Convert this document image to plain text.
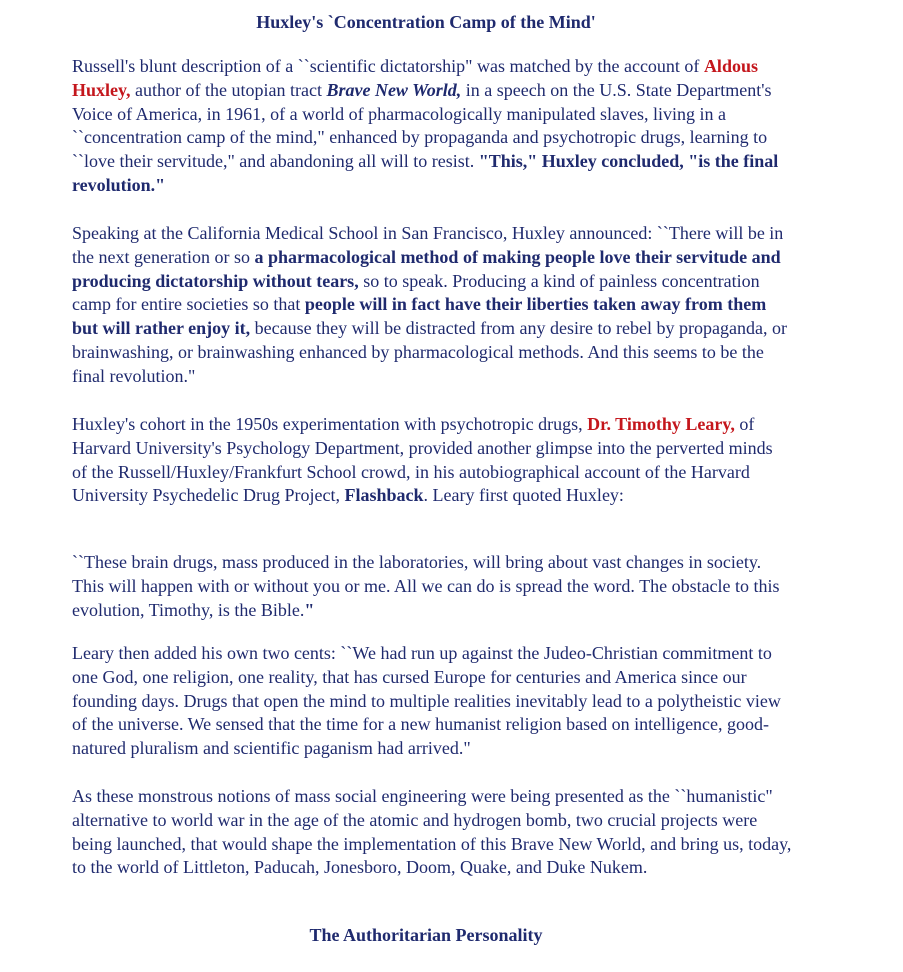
Huxley's `Concentration Camp of the Mind'

Russell's blunt description of a ``scientific dictatorship" was matched by the account of Aldous Huxley, author of the utopian tract Brave New World, in a speech on the U.S. State Department's Voice of America, in 1961, of a world of pharmacologically manipulated slaves, living in a ``concentration camp of the mind," enhanced by propaganda and psychotropic drugs, learning to ``love their servitude," and abandoning all will to resist. "This," Huxley concluded, "is the final revolution."

Speaking at the California Medical School in San Francisco, Huxley announced: ``There will be in the next generation or so a pharmacological method of making people love their servitude and producing dictatorship without tears, so to speak. Producing a kind of painless concentration camp for entire societies so that people will in fact have their liberties taken away from them but will rather enjoy it, because they will be distracted from any desire to rebel by propaganda, or brainwashing, or brainwashing enhanced by pharmacological methods. And this seems to be the final revolution."

Huxley's cohort in the 1950s experimentation with psychotropic drugs, Dr. Timothy Leary, of Harvard University's Psychology Department, provided another glimpse into the perverted minds of the Russell/Huxley/Frankfurt School crowd, in his autobiographical account of the Harvard University Psychedelic Drug Project, Flashback. Leary first quoted Huxley:

``These brain drugs, mass produced in the laboratories, will bring about vast changes in society. This will happen with or without you or me. All we can do is spread the word. The obstacle to this evolution, Timothy, is the Bible."

Leary then added his own two cents: ``We had run up against the Judeo-Christian commitment to one God, one religion, one reality, that has cursed Europe for centuries and America since our founding days. Drugs that open the mind to multiple realities inevitably lead to a polytheistic view of the universe. We sensed that the time for a new humanist religion based on intelligence, good-natured pluralism and scientific paganism had arrived."

As these monstrous notions of mass social engineering were being presented as the ``humanistic" alternative to world war in the age of the atomic and hydrogen bomb, two crucial projects were being launched, that would shape the implementation of this Brave New World, and bring us, today, to the world of Littleton, Paducah, Jonesboro, Doom, Quake, and Duke Nukem.

The Authoritarian Personality
